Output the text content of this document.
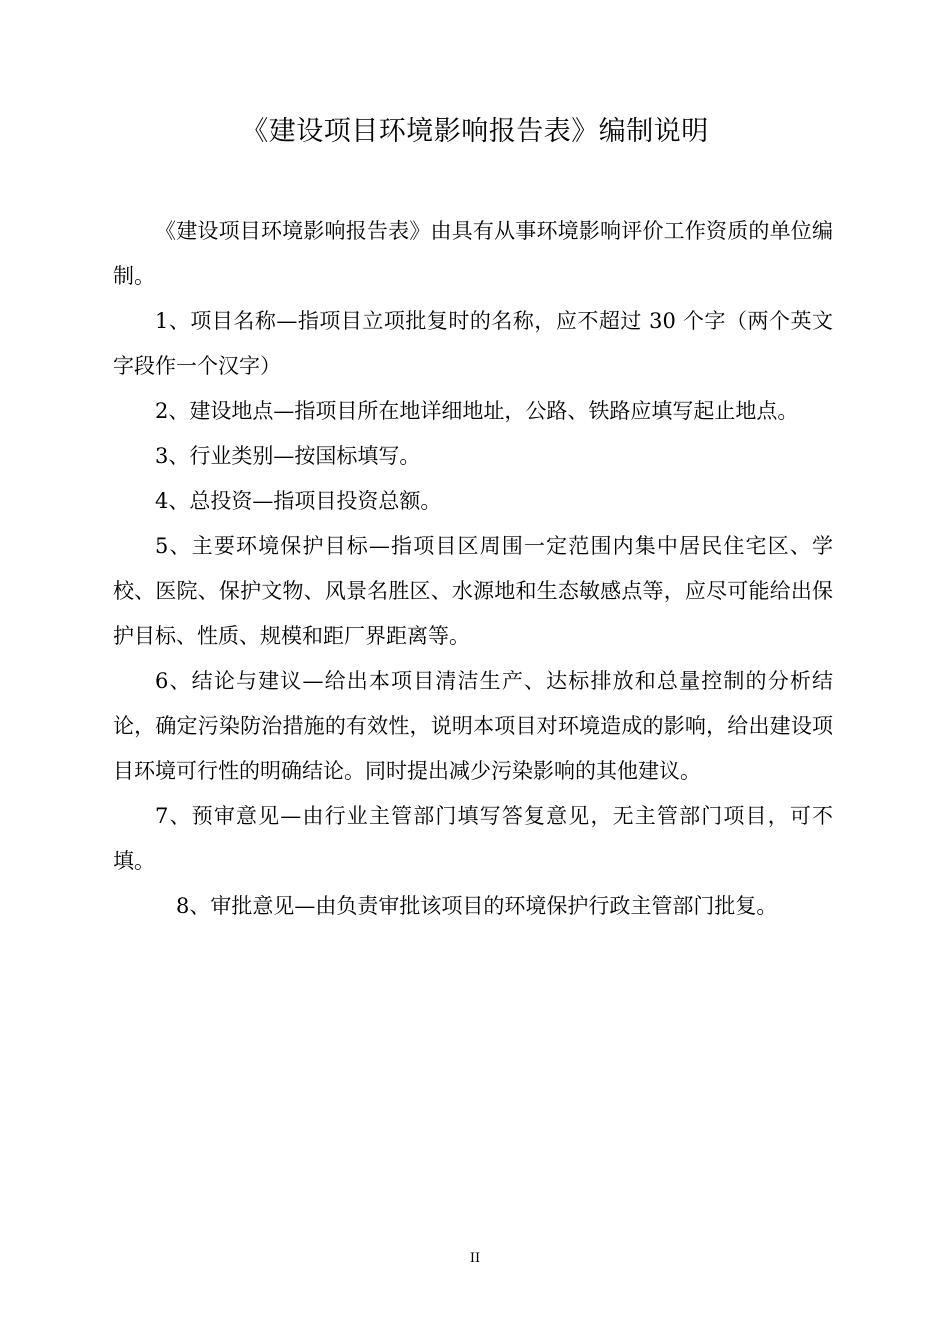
《建设项目环境影响报告表》编制说明

《建设项目环境影响报告表》由具有从事环境影响评价工作资质的单位编制。

1、项目名称—指项目立项批复时的名称，应不超过 30 个字（两个英文字段作一个汉字）

2、建设地点—指项目所在地详细地址，公路、铁路应填写起止地点。

3、行业类别—按国标填写。

4、总投资—指项目投资总额。

5、主要环境保护目标—指项目区周围一定范围内集中居民住宅区、学校、医院、保护文物、风景名胜区、水源地和生态敏感点等，应尽可能给出保护目标、性质、规模和距厂界距离等。

6、结论与建议—给出本项目清洁生产、达标排放和总量控制的分析结论，确定污染防治措施的有效性，说明本项目对环境造成的影响，给出建设项目环境可行性的明确结论。同时提出减少污染影响的其他建议。

7、预审意见—由行业主管部门填写答复意见，无主管部门项目，可不填。

8、审批意见—由负责审批该项目的环境保护行政主管部门批复。

II
